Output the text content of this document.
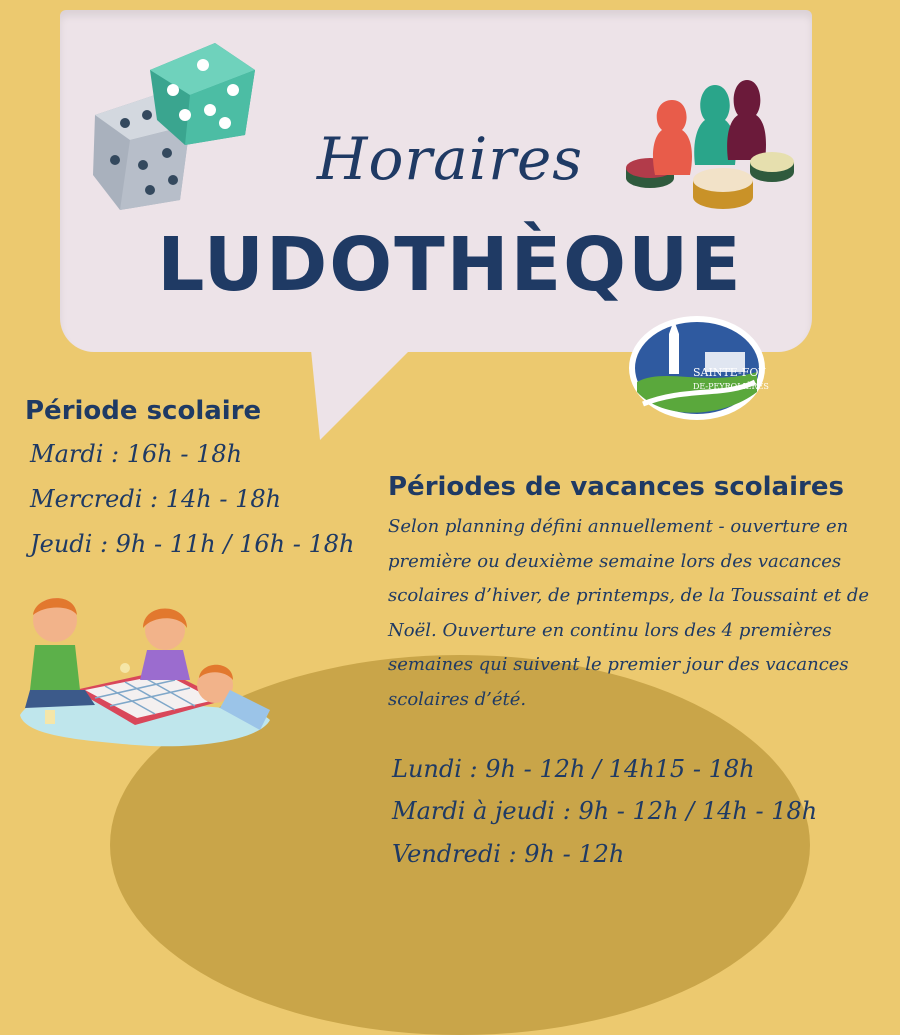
Horaires
LUDOTHÈQUE
SAINTE-FOY
DE-PEYROLIÈRES
Période scolaire
Mardi : 16h - 18h
Mercredi : 14h - 18h
Jeudi : 9h - 11h / 16h - 18h
Périodes de vacances scolaires
Selon planning défini annuellement - ouverture en première ou deuxième semaine lors des vacances scolaires d’hiver, de printemps, de la Toussaint et de Noël. Ouverture en continu lors des 4 premières semaines qui suivent le premier jour des vacances scolaires d’été.
Lundi : 9h - 12h / 14h15 - 18h
Mardi à jeudi : 9h - 12h / 14h - 18h
Vendredi : 9h - 12h
